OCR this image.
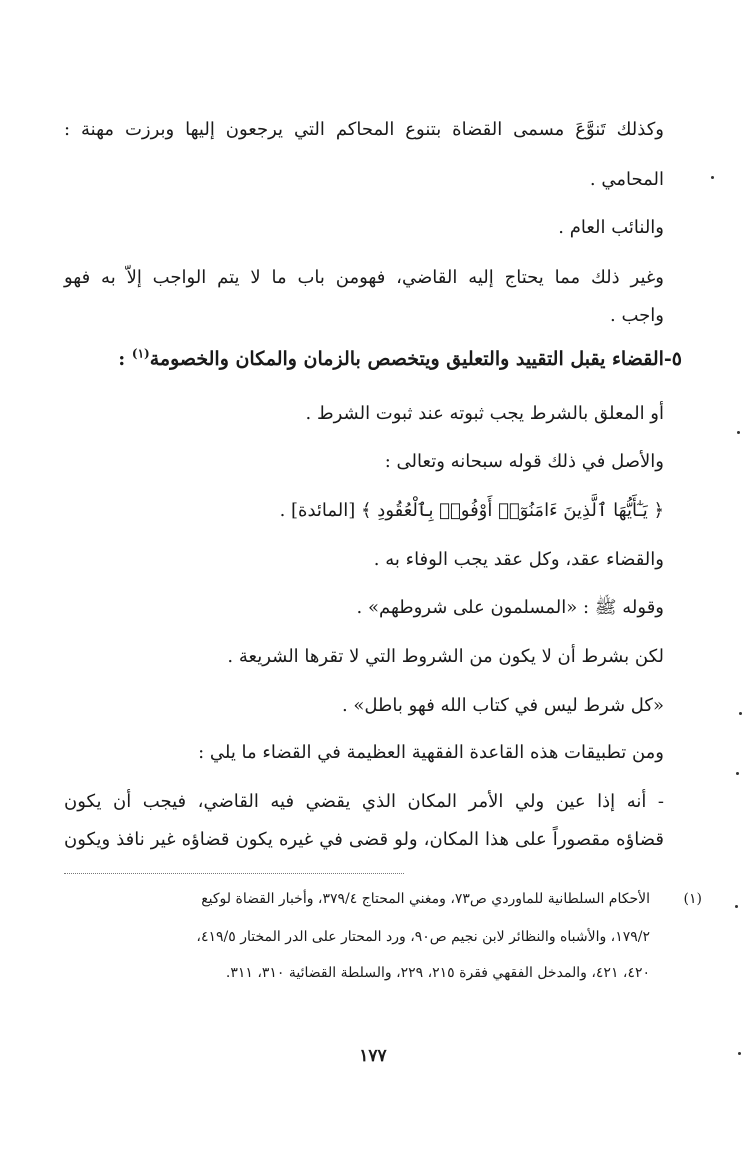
وكذلك تَنوَّعَ مسمى القضاة بتنوع المحاكم التي يرجعون إليها وبرزت مهنة :
المحامي .
والنائب العام .
وغير ذلك مما يحتاج إليه القاضي، فهومن باب ما لا يتم الواجب إلاّ به فهو
واجب .
٥-القضاء يقبل التقييد والتعليق ويتخصص بالزمان والمكان والخصومة$^{(١)}$ :
أو المعلق بالشرط يجب ثبوته عند ثبوت الشرط .
والأصل في ذلك قوله سبحانه وتعالى :
﴿ يَـٰٓأَيُّهَا ٱلَّذِينَ ءَامَنُوٓا۟ أَوْفُوا۟ بِٱلْعُقُودِ ﴾ [المائدة] .
والقضاء عقد، وكل عقد يجب الوفاء به .
وقوله ﷺ : «المسلمون على شروطهم» .
لكن بشرط أن لا يكون من الشروط التي لا تقرها الشريعة .
«كل شرط ليس في كتاب الله فهو باطل» .
ومن تطبيقات هذه القاعدة الفقهية العظيمة في القضاء ما يلي :
- أنه إذا عين ولي الأمر المكان الذي يقضي فيه القاضي، فيجب أن يكون
قضاؤه مقصوراً على هذا المكان، ولو قضى في غيره يكون قضاؤه غير نافذ ويكون
(١)
الأحكام السلطانية للماوردي ص٧٣، ومغني المحتاج ٣٧٩/٤، وأخبار القضاة لوكيع
١٧٩/٢، والأشباه والنظائر لابن نجيم ص٩٠، ورد المحتار على الدر المختار ٤١٩/٥،
٤٢٠، ٤٢١، والمدخل الفقهي فقرة ٢١٥، ٢٢٩، والسلطة القضائية ٣١٠، ٣١١.
١٧٧
